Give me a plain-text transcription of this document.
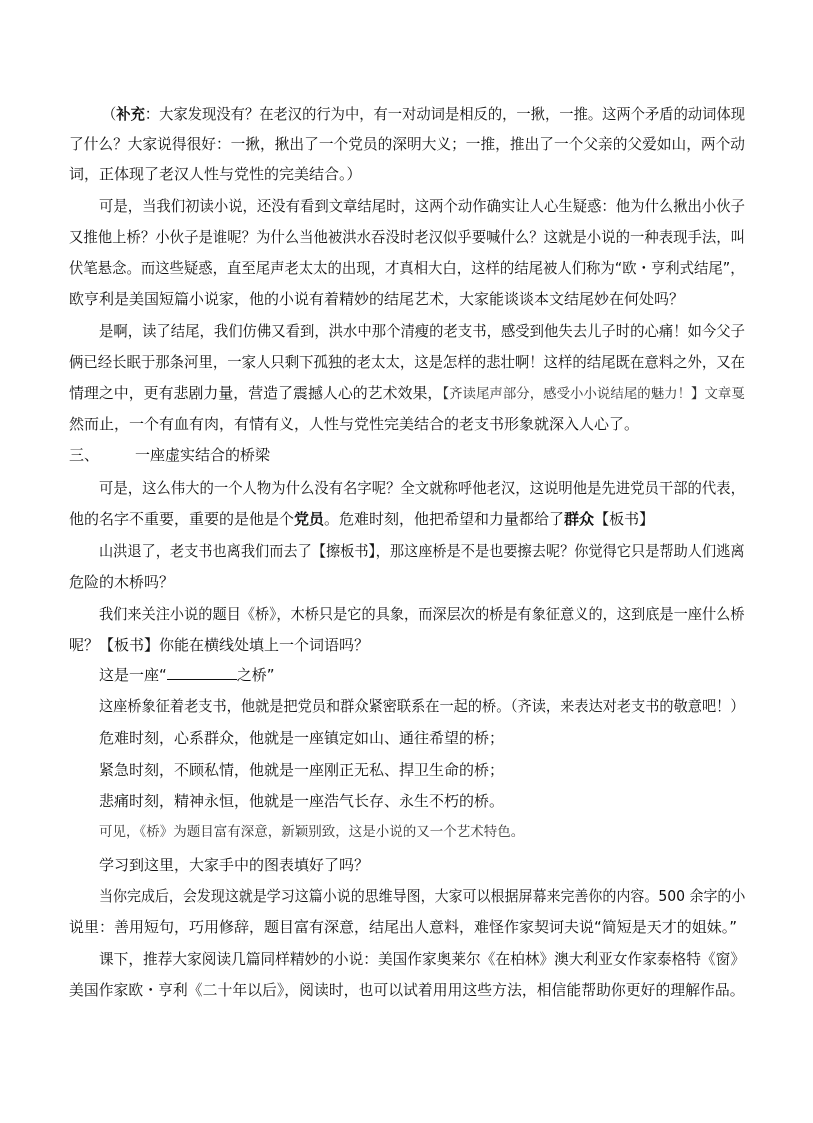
（补充：大家发现没有？在老汉的行为中，有一对动词是相反的，一揪，一推。这两个矛盾的动词体现
了什么？大家说得很好：一揪，揪出了一个党员的深明大义；一推，推出了一个父亲的父爱如山，两个动
词，正体现了老汉人性与党性的完美结合。）
可是，当我们初读小说，还没有看到文章结尾时，这两个动作确实让人心生疑惑：他为什么揪出小伙子
又推他上桥？小伙子是谁呢？为什么当他被洪水吞没时老汉似乎要喊什么？这就是小说的一种表现手法，叫
伏笔悬念。而这些疑惑，直至尾声老太太的出现，才真相大白，这样的结尾被人们称为“欧・亨利式结尾”，
欧亨利是美国短篇小说家，他的小说有着精妙的结尾艺术，大家能谈谈本文结尾妙在何处吗？
是啊，读了结尾，我们仿佛又看到，洪水中那个清瘦的老支书，感受到他失去儿子时的心痛！如今父子
俩已经长眠于那条河里，一家人只剩下孤独的老太太，这是怎样的悲壮啊！这样的结尾既在意料之外，又在
情理之中，更有悲剧力量，营造了震撼人心的艺术效果，【齐读尾声部分，感受小小说结尾的魅力！】文章戛
然而止，一个有血有肉，有情有义，人性与党性完美结合的老支书形象就深入人心了。
三、 一座虚实结合的桥梁
可是，这么伟大的一个人物为什么没有名字呢？全文就称呼他老汉，这说明他是先进党员干部的代表，
他的名字不重要，重要的是他是个党员。危难时刻，他把希望和力量都给了群众【板书】
山洪退了，老支书也离我们而去了【擦板书】，那这座桥是不是也要擦去呢？你觉得它只是帮助人们逃离
危险的木桥吗？
我们来关注小说的题目《桥》，木桥只是它的具象，而深层次的桥是有象征意义的，这到底是一座什么桥
呢？【板书】你能在横线处填上一个词语吗？
这是一座“	之桥”
这座桥象征着老支书，他就是把党员和群众紧密联系在一起的桥。（齐读，来表达对老支书的敬意吧！）
危难时刻，心系群众，他就是一座镇定如山、通往希望的桥；
紧急时刻，不顾私情，他就是一座刚正无私、捍卫生命的桥；
悲痛时刻，精神永恒，他就是一座浩气长存、永生不朽的桥。
可见，《桥》为题目富有深意，新颖别致，这是小说的又一个艺术特色。
学习到这里，大家手中的图表填好了吗？
当你完成后，会发现这就是学习这篇小说的思维导图，大家可以根据屏幕来完善你的内容。500 余字的小
说里：善用短句，巧用修辞，题目富有深意，结尾出人意料，难怪作家契诃夫说“简短是天才的姐妹。”
课下，推荐大家阅读几篇同样精妙的小说：美国作家奥莱尔《在柏林》澳大利亚女作家泰格特《窗》
美国作家欧・亨利《二十年以后》，阅读时，也可以试着用用这些方法，相信能帮助你更好的理解作品。
